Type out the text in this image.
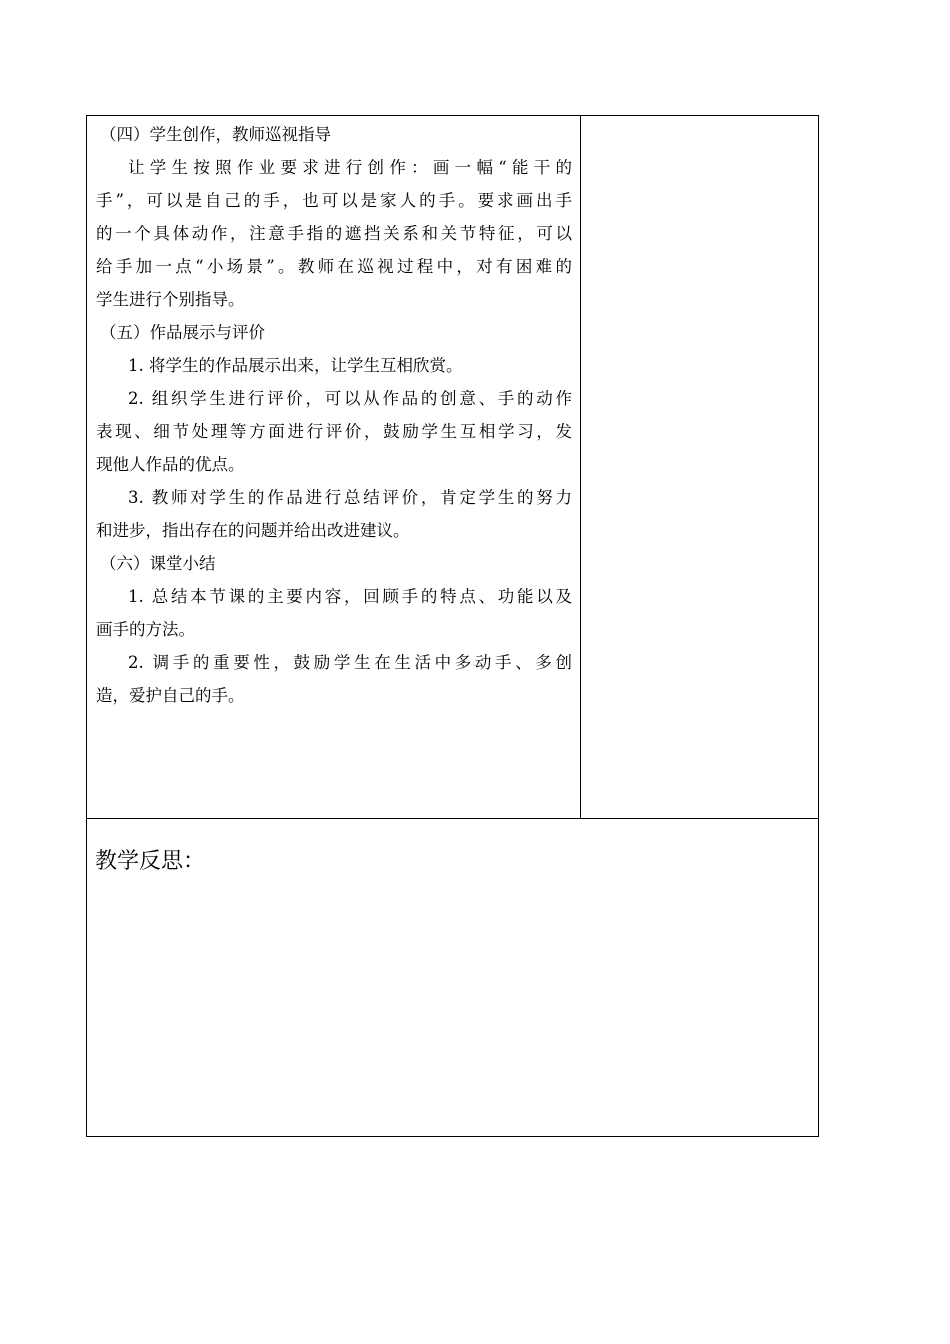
（四）学生创作，教师巡视指导

让学生按照作业要求进行创作：画一幅“能干的

手”，可以是自己的手，也可以是家人的手。要求画出手

的一个具体动作，注意手指的遮挡关系和关节特征，可以

给手加一点“小场景”。教师在巡视过程中，对有困难的

学生进行个别指导。

（五）作品展示与评价

1. 将学生的作品展示出来，让学生互相欣赏。

2. 组织学生进行评价，可以从作品的创意、手的动作

表现、细节处理等方面进行评价，鼓励学生互相学习，发

现他人作品的优点。

3. 教师对学生的作品进行总结评价，肯定学生的努力

和进步，指出存在的问题并给出改进建议。

（六）课堂小结

1. 总结本节课的主要内容，回顾手的特点、功能以及

画手的方法。

2. 调手的重要性，鼓励学生在生活中多动手、多创

造，爱护自己的手。

教学反思：
